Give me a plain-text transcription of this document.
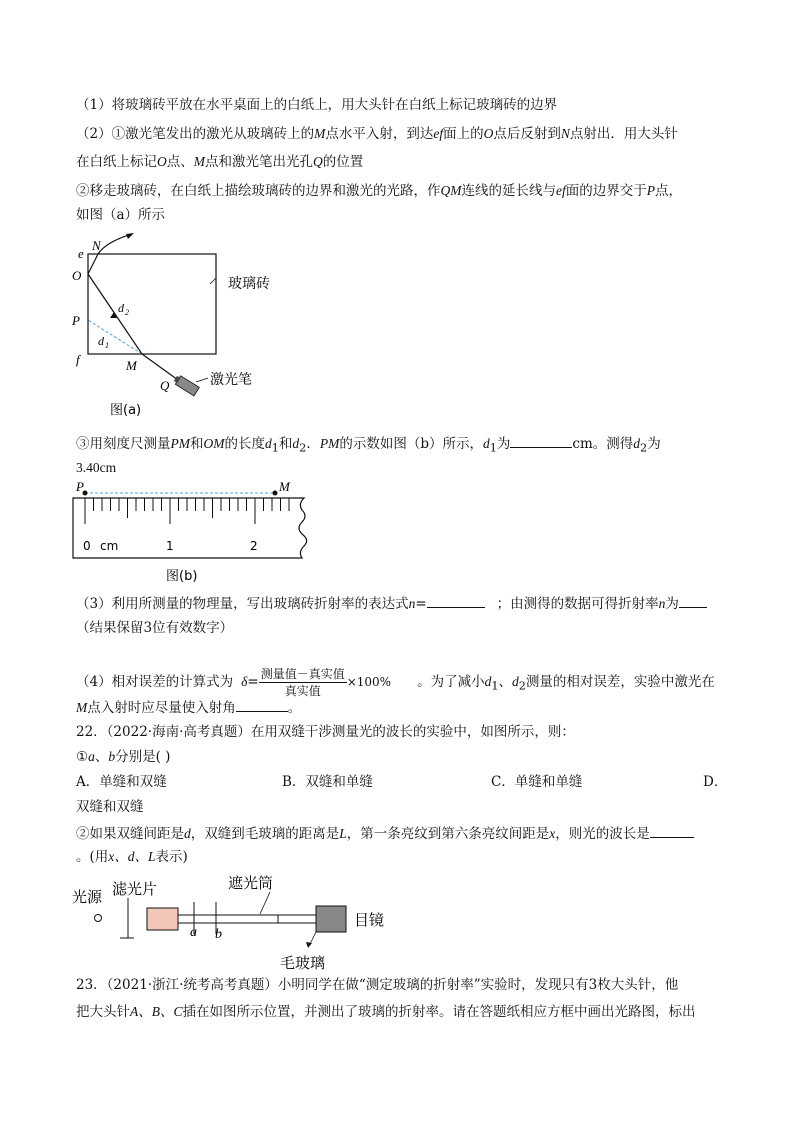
（1）将玻璃砖平放在水平桌面上的白纸上，用大头针在白纸上标记玻璃砖的边界
（2）①激光笔发出的激光从玻璃砖上的M点水平入射，到达ef面上的O点后反射到N点射出．用大头针
在白纸上标记O点、M点和激光笔出光孔Q的位置
②移走玻璃砖，在白纸上描绘玻璃砖的边界和激光的光路，作QM连线的延长线与ef面的边界交于P点，
如图（a）所示
e
N
O
P
f	M
Q
d 1
d 2
玻璃砖
激光笔
图(a)
③用刻度尺测量PM和OM的长度$d_1$和$d_2$．PM的示数如图（b）所示，$d_1$为	cm。测得$d_2$为
3.40cm
0 cm	1	2
P	M
图(b)
（3）利用所测量的物理量，写出玻璃砖折射率的表达式n=	；由测得的数据可得折射率n为
（结果保留3位有效数字）
（4）相对误差的计算式为 $\delta= \frac{\text{测量值－真实值}}{\text{真实值}} \times 100\%$ 。为了减小$d_1$、$d_2$测量的相对误差，实验中激光在
M点入射时应尽量使入射角	。
22．（2022·海南·高考真题）在用双缝干涉测量光的波长的实验中，如图所示，则：
①a、b分别是( )
A．单缝和双缝	B．双缝和单缝	C．单缝和单缝	D．
双缝和双缝
②如果双缝间距是d，双缝到毛玻璃的距离是L，第一条亮纹到第六条亮纹间距是x，则光的波长是
。(用x、d、L表示)
光源 滤光片	遮光筒
目镜
毛玻璃
a b
23．（2021·浙江·统考高考真题）小明同学在做“测定玻璃的折射率”实验时，发现只有3枚大头针，他
把大头针A、B、C插在如图所示位置，并测出了玻璃的折射率。请在答题纸相应方框中画出光路图，标出
